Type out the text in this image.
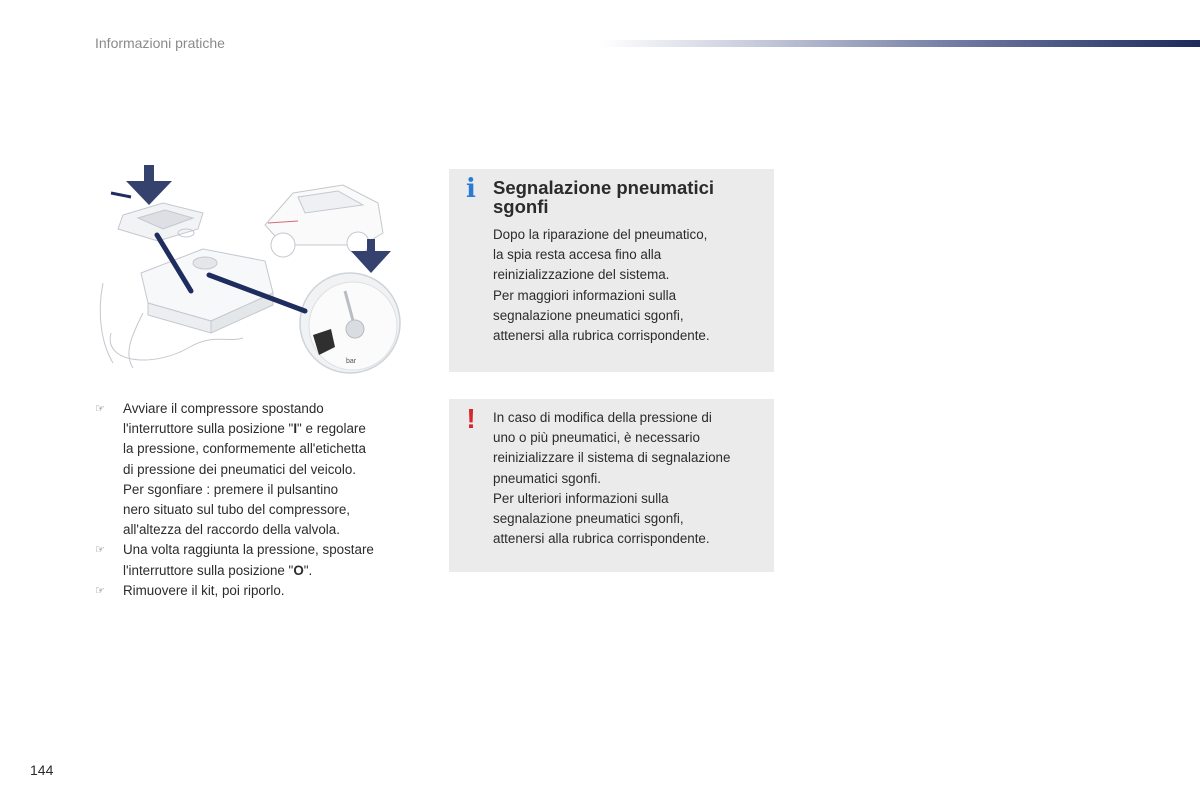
Informazioni pratiche
bar
☞	Avviare il compressore spostando
l'interruttore sulla posizione "I" e regolare
la pressione, conformemente all'etichetta
di pressione dei pneumatici del veicolo.
Per sgonfiare : premere il pulsantino
nero situato sul tubo del compressore,
all'altezza del raccordo della valvola.
☞	Una volta raggiunta la pressione, spostare
l'interruttore sulla posizione "O".
☞	Rimuovere il kit, poi riporlo.
i Segnalazione pneumatici
sgonfi
Dopo la riparazione del pneumatico,
la spia resta accesa fino alla
reinizializzazione del sistema.
Per maggiori informazioni sulla
segnalazione pneumatici sgonfi,
attenersi alla rubrica corrispondente.
!	In caso di modifica della pressione di
uno o più pneumatici, è necessario
reinizializzare il sistema di segnalazione
pneumatici sgonfi.
Per ulteriori informazioni sulla
segnalazione pneumatici sgonfi,
attenersi alla rubrica corrispondente.
144
